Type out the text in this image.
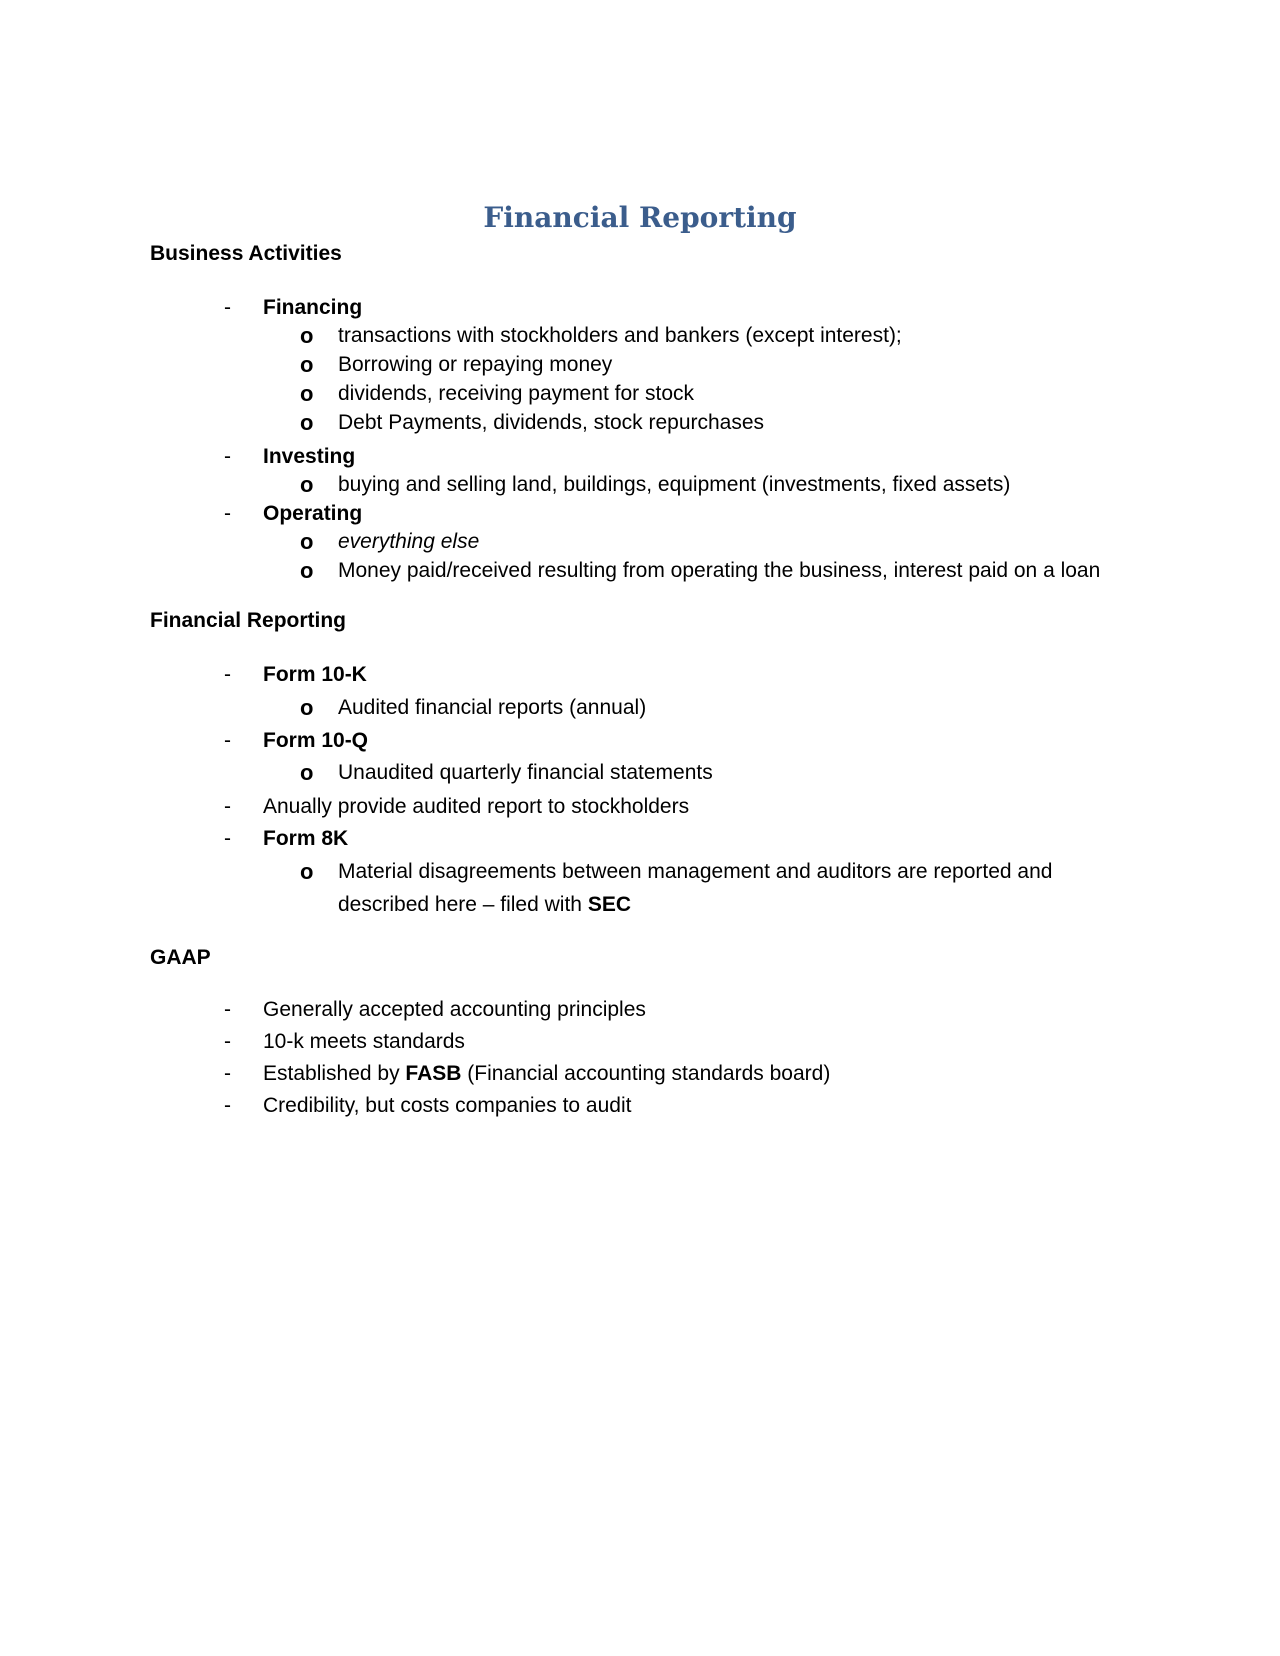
Financial Reporting
Business Activities
- Financing
o transactions with stockholders and bankers (except interest);
o Borrowing or repaying money
o dividends, receiving payment for stock
o Debt Payments, dividends, stock repurchases
- Investing
o buying and selling land, buildings, equipment (investments, fixed assets)
- Operating
o everything else
o Money paid/received resulting from operating the business, interest paid on a loan
Financial Reporting
- Form 10-K
o Audited financial reports (annual)
- Form 10-Q
o Unaudited quarterly financial statements
- Anually provide audited report to stockholders
- Form 8K
o Material disagreements between management and auditors are reported and
described here – filed with SEC
GAAP
- Generally accepted accounting principles
- 10-k meets standards
- Established by FASB (Financial accounting standards board)
- Credibility, but costs companies to audit
